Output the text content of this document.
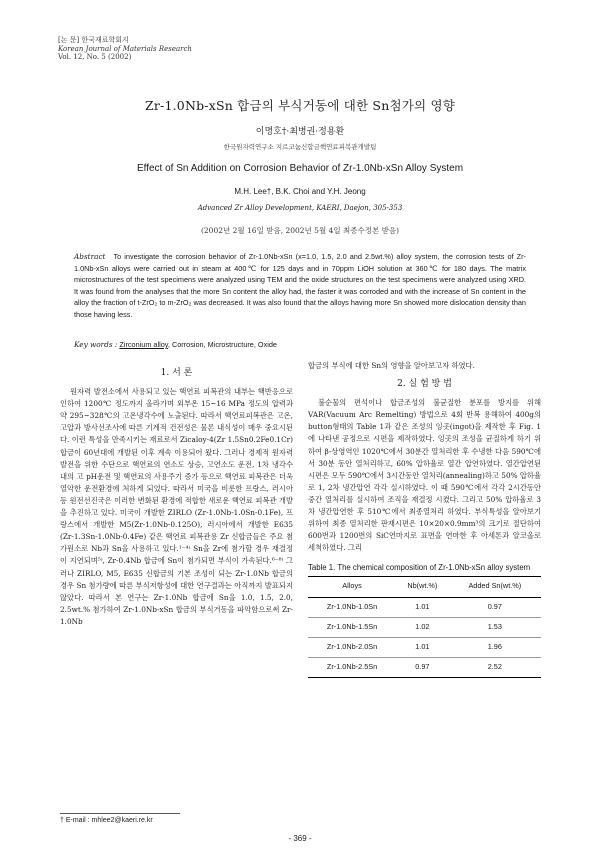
[논 문] 한국재료학회지
Korean Journal of Materials Research
Vol. 12, No. 5 (2002)
Zr-1.0Nb-xSn 합금의 부식거동에 대한 Sn첨가의 영향
이명호†·최병권·정용환
한국원자력연구소 지르코늄신합금핵연료피복관개발팀
Effect of Sn Addition on Corrosion Behavior of Zr-1.0Nb-xSn Alloy System
M.H. Lee†, B.K. Choi and Y.H. Jeong
Advanced Zr Alloy Development, KAERI, Daejon, 305-353
(2002년 2월 16일 받음, 2002년 5월 4일 최종수정본 받음)
Abstract To investigate the corrosion behavior of Zr-1.0Nb-xSn (x=1.0, 1.5, 2.0 and 2.5wt.%) alloy system, the corrosion tests of Zr-1.0Nb-xSn alloys were carried out in steam at 400℃ for 125 days and in 70ppm LiOH solution at 360℃ for 180 days. The matrix microstructures of the test specimens were analyzed using TEM and the oxide structures on the test specimens were analyzed using XRD. It was found from the analyses that the more Sn content the alloy had, the faster it was corroded and with the increase of Sn content in the alloy the fraction of t-ZrO₂ to m-ZrO₂ was decreased. It was also found that the alloys having more Sn showed more dislocation density than those having less.
Key words : Zirconium alloy, Corrosion, Microstructure, Oxide
1. 서 론

원자력 발전소에서 사용되고 있는 핵연료 피복관의 내부는 핵반응으로 인하여 1200℃ 정도까지 올라가며 외부온 15~16 MPa 정도의 압력과 약 295~328℃의 고온냉각수에 노출된다. 따라서 핵연료피복관은 고온, 고압과 방사선조사에 따른 기계적 건전성은 물론 내식성이 매우 중요시된다. 이런 특성을 만족시키는 재료로서 Zicaloy-4(Zr 1.5Sn0.2Fe0.1Cr) 합금이 60년대에 개발된 이후 계속 이용되어 왔다. 그러나 경제적 원자력 발전을 위한 수단으로 핵연료의 연소도 상승, 고연소도 운전, 1차 냉각수내의 고 pH운전 및 핵연료의 사용주기 증가 등으로 핵연료 피복관은 더욱 열악한 운전환경에 처하게 되었다. 따라서 미국을 비롯한 프랑스, 러시아 등 원전선진국은 이러한 변화된 환경에 적합한 새로운 핵연료 피복관 개발을 추진하고 있다. 미국이 개발한 ZIRLO (Zr-1.0Nb-1.0Sn-0.1Fe), 프랑스에서 개발한 M5(Zr-1.0Nb-0.125O), 러시아에서 개발한 E635 (Zr-1.3Sn-1.0Nb-0.4Fe) 같은 핵연료 피복관용 Zr 신합금들은 주요 첨가원소로 Nb과 Sn을 사용하고 있다.¹⁻⁴⁾ Sn을 Zr에 첨가할 경우 재결정이 지연되며⁵⁾, Zr-0.4Nb 합금에 Sn이 첨가되면 부식이 가속된다.⁶⁻⁸⁾ 그러나 ZIRLO, M5, E635 신합금의 기본 조성이 되는 Zr-1.0Nb 합금의 경우 Sn 첨가량에 따른 부식저항성에 대한 연구결과는 아직까지 발표되지 않았다. 따라서 본 연구는 Zr-1.0Nb 합금에 Sn을 1.0, 1.5, 2.0, 2.5wt.% 첨가하여 Zr-1.0Nb-xSn 합금의 부식거동을 파악함으로써 Zr-1.0Nb

합금의 부식에 대한 Sn의 영향을 알아보고자 하였다.

2. 실 험 방 법

불순물의 편석이나 합금조성의 불균질한 분포를 방지를 위해 VAR(Vacuum Arc Remelting) 방법으로 4회 반복 용해하여 400g의 button형태의 Table 1과 같은 조성의 잉곳(ingot)을 제작한 후 Fig. 1에 나타낸 공정으로 시편을 제작하였다. 잉곳의 조성을 균질하게 하기 위하여 β-상영역인 1020℃에서 30분간 열처리한 후 수냉한 다음 590℃에서 30분 동안 열처리하고, 60% 압하율로 열간 압연하였다. 열간압연된 시편은 모두 590℃에서 3시간동안 열처리(annealing)하고 50% 압하율로 1, 2차 냉간압연 각각 실시하였다. 이 때 590℃에서 각각 2시간동안 중간 열처리를 실시하여 조직을 재결정 시켰다. 그리고 50% 압하율로 3차 냉간압연한 후 510℃에서 최종열처리 하였다. 부식특성을 알아보기 위하여 최종 열처리한 판재시편은 10×20×0.9mm³의 크기로 절단하여 600번과 1200번의 SiC연마지로 표면을 연마한 후 아세톤과 알코올로 세척하였다. 그리

Table 1. The chemical composition of Zr-1.0Nb-xSn alloy system
Alloys	Nb(wt.%)	Added Sn(wt.%)
Zr-1.0Nb-1.0Sn	1.01	0.97
Zr-1.0Nb-1.5Sn	1.02	1.53
Zr-1.0Nb-2.0Sn	1.01	1.96
Zr-1.0Nb-2.5Sn	0.97	2.52
† E-mail : mhlee2@kaeri.re.kr
- 369 -
